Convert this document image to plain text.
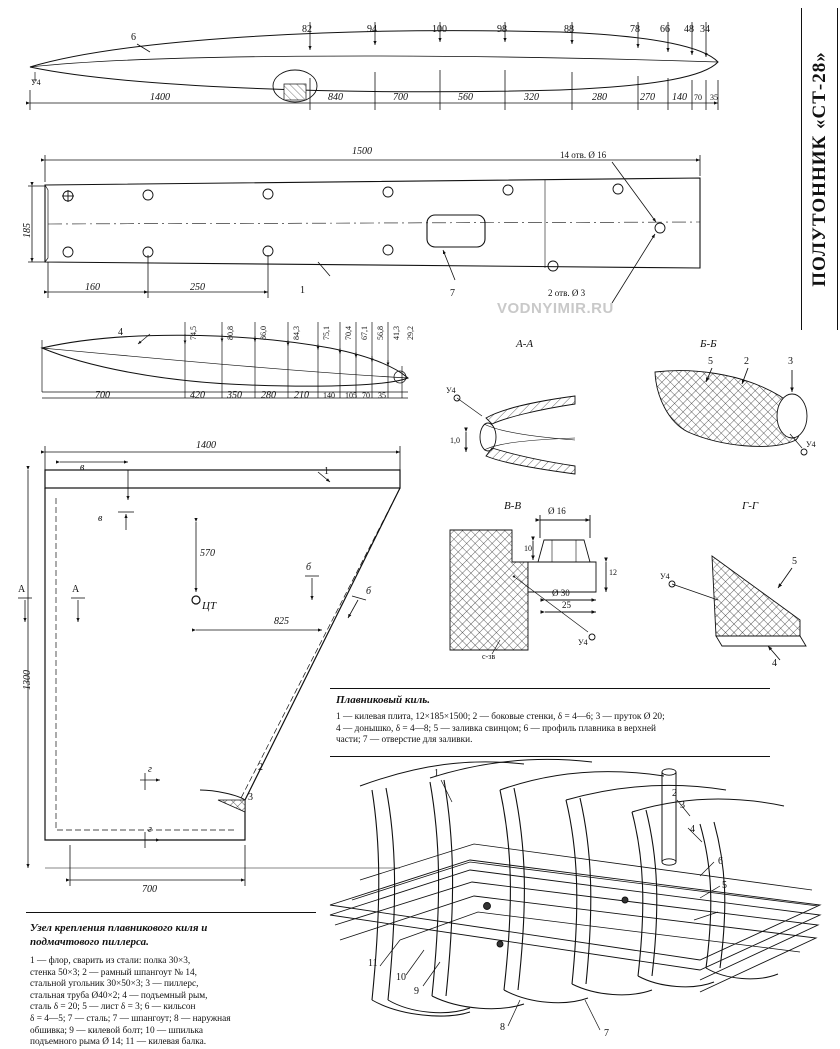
ПОЛУТОННИК «СТ-28»
VODNYIMIR.RU
6
82	94	100	98	88	78 66 48 34
1400	840	700	560	320	280	270 140 70 35
У4
1500
185
160	250
14 отв. Ø 16
2 отв. Ø 3
1	7
4	74,5	80,8	86,0	84,3	75,1 70,4 67,1 56,8 41,3 29,2
700	420 350 280 210 140 105 70 35
1400
1300
700
570
825
ЦТ
в
в
А	А
б
б
г
г
1
2
3
А-А	Б-Б
В-В	Г-Г
У4
1,0
5	2	3
У4
Ø 16
10
12
Ø 30
25
с-зв
У4
5
4
У4
Плавниковый киль.
1 — килевая плита, 12×185×1500; 2 — боковые стенки, δ = 4—6; 3 — пруток Ø 20;
4 — донышко, δ = 4—8; 5 — заливка свинцом; 6 — профиль плавника в верхней
части; 7 — отверстие для заливки.
Узел крепления плавникового киля и
подмачтового пиллерса.
1 — флор, сварить из стали: полка 30×3,
стенка 50×3; 2 — рамный шпангоут № 14,
стальной угольник 30×50×3; 3 — пиллерс,
стальная труба Ø40×2; 4 — подъемный рым,
сталь δ = 20; 5 — лист δ = 3; 6 — кильсон
δ = 4—5; 7 — сталь; 7 — шпангоут; 8 — наружная
обшивка; 9 — килевой болт; 10 — шпилька
подъемного рыма Ø 14; 11 — килевая балка.
1
2
3
4
5
6
7
8
9
10
11
